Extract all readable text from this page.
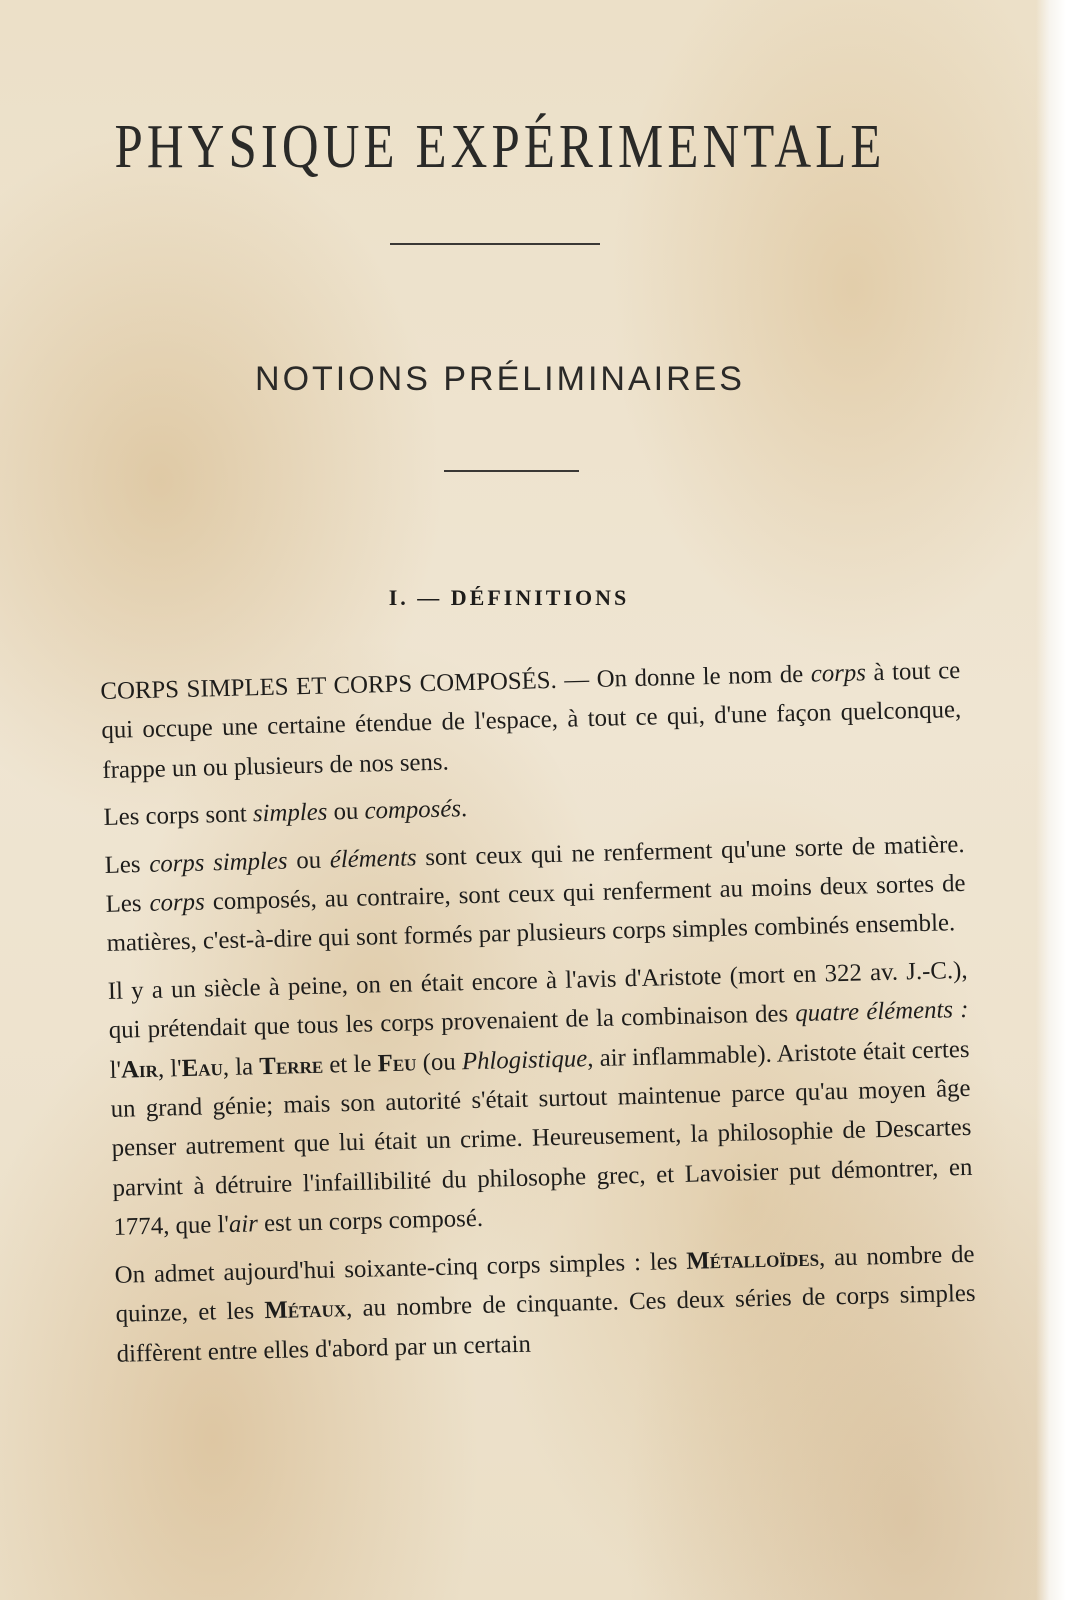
PHYSIQUE EXPÉRIMENTALE
NOTIONS PRÉLIMINAIRES
I. — DÉFINITIONS

CORPS SIMPLES ET CORPS COMPOSÉS. — On donne le nom de corps à tout ce qui occupe une certaine étendue de l'espace, à tout ce qui, d'une façon quelconque, frappe un ou plusieurs de nos sens.

Les corps sont simples ou composés.

Les corps simples ou éléments sont ceux qui ne renferment qu'une sorte de matière. Les corps composés, au contraire, sont ceux qui renferment au moins deux sortes de matières, c'est-à-dire qui sont formés par plusieurs corps simples combinés ensemble.

Il y a un siècle à peine, on en était encore à l'avis d'Aristote (mort en 322 av. J.-C.), qui prétendait que tous les corps provenaient de la combinaison des quatre éléments : l'Air, l'Eau, la Terre et le Feu (ou Phlogistique, air inflammable). Aristote était certes un grand génie; mais son autorité s'était surtout maintenue parce qu'au moyen âge penser autrement que lui était un crime. Heureusement, la philosophie de Descartes parvint à détruire l'infaillibilité du philosophe grec, et Lavoisier put démontrer, en 1774, que l'air est un corps composé.

On admet aujourd'hui soixante-cinq corps simples : les Métalloïdes, au nombre de quinze, et les Métaux, au nombre de cinquante. Ces deux séries de corps simples diffèrent entre elles d'abord par un certain
